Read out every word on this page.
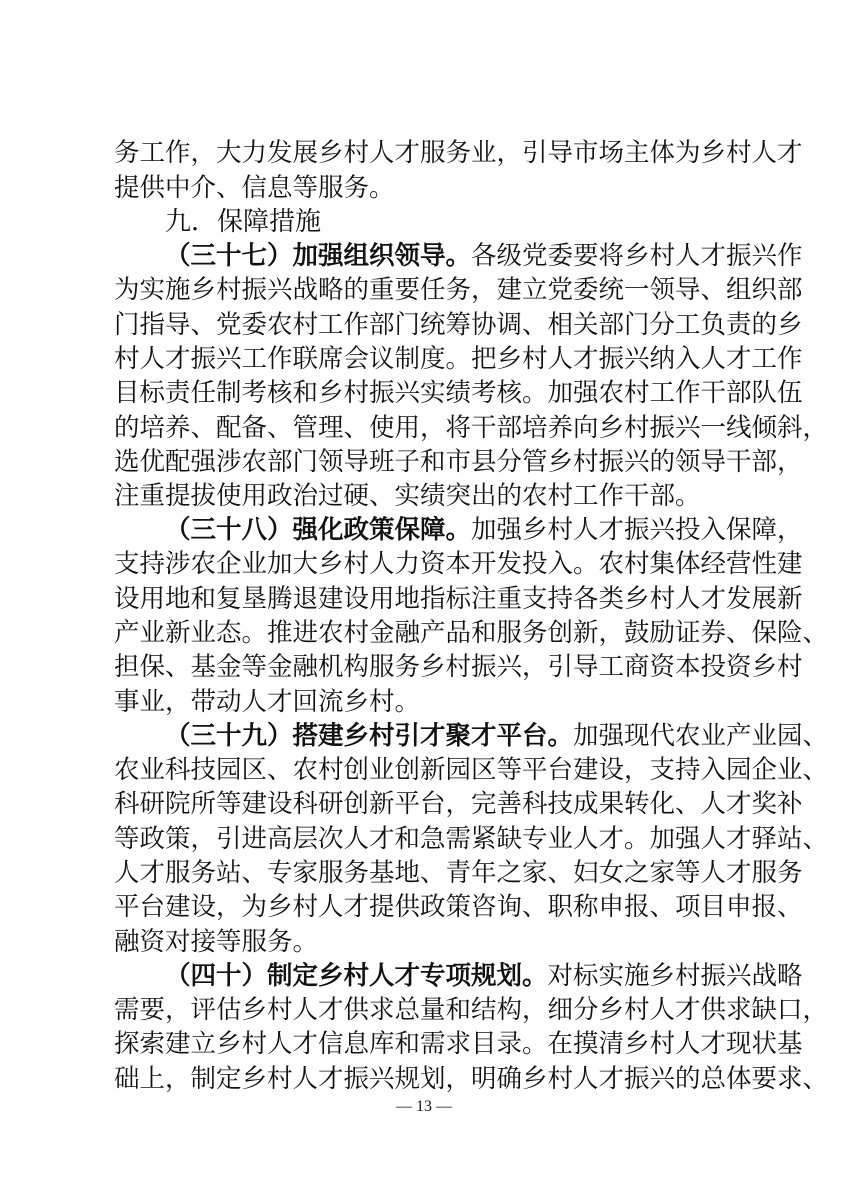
务工作，大力发展乡村人才服务业，引导市场主体为乡村人才
提供中介、信息等服务。
九．保障措施
（三十七）加强组织领导。各级党委要将乡村人才振兴作
为实施乡村振兴战略的重要任务，建立党委统一领导、组织部
门指导、党委农村工作部门统筹协调、相关部门分工负责的乡
村人才振兴工作联席会议制度。把乡村人才振兴纳入人才工作
目标责任制考核和乡村振兴实绩考核。加强农村工作干部队伍
的培养、配备、管理、使用，将干部培养向乡村振兴一线倾斜，
选优配强涉农部门领导班子和市县分管乡村振兴的领导干部，
注重提拔使用政治过硬、实绩突出的农村工作干部。
（三十八）强化政策保障。加强乡村人才振兴投入保障，
支持涉农企业加大乡村人力资本开发投入。农村集体经营性建
设用地和复垦腾退建设用地指标注重支持各类乡村人才发展新
产业新业态。推进农村金融产品和服务创新，鼓励证券、保险、
担保、基金等金融机构服务乡村振兴，引导工商资本投资乡村
事业，带动人才回流乡村。
（三十九）搭建乡村引才聚才平台。加强现代农业产业园、
农业科技园区、农村创业创新园区等平台建设，支持入园企业、
科研院所等建设科研创新平台，完善科技成果转化、人才奖补
等政策，引进高层次人才和急需紧缺专业人才。加强人才驿站、
人才服务站、专家服务基地、青年之家、妇女之家等人才服务
平台建设，为乡村人才提供政策咨询、职称申报、项目申报、
融资对接等服务。
（四十）制定乡村人才专项规划。对标实施乡村振兴战略
需要，评估乡村人才供求总量和结构，细分乡村人才供求缺口，
探索建立乡村人才信息库和需求目录。在摸清乡村人才现状基
础上，制定乡村人才振兴规划，明确乡村人才振兴的总体要求、
— 13 —
